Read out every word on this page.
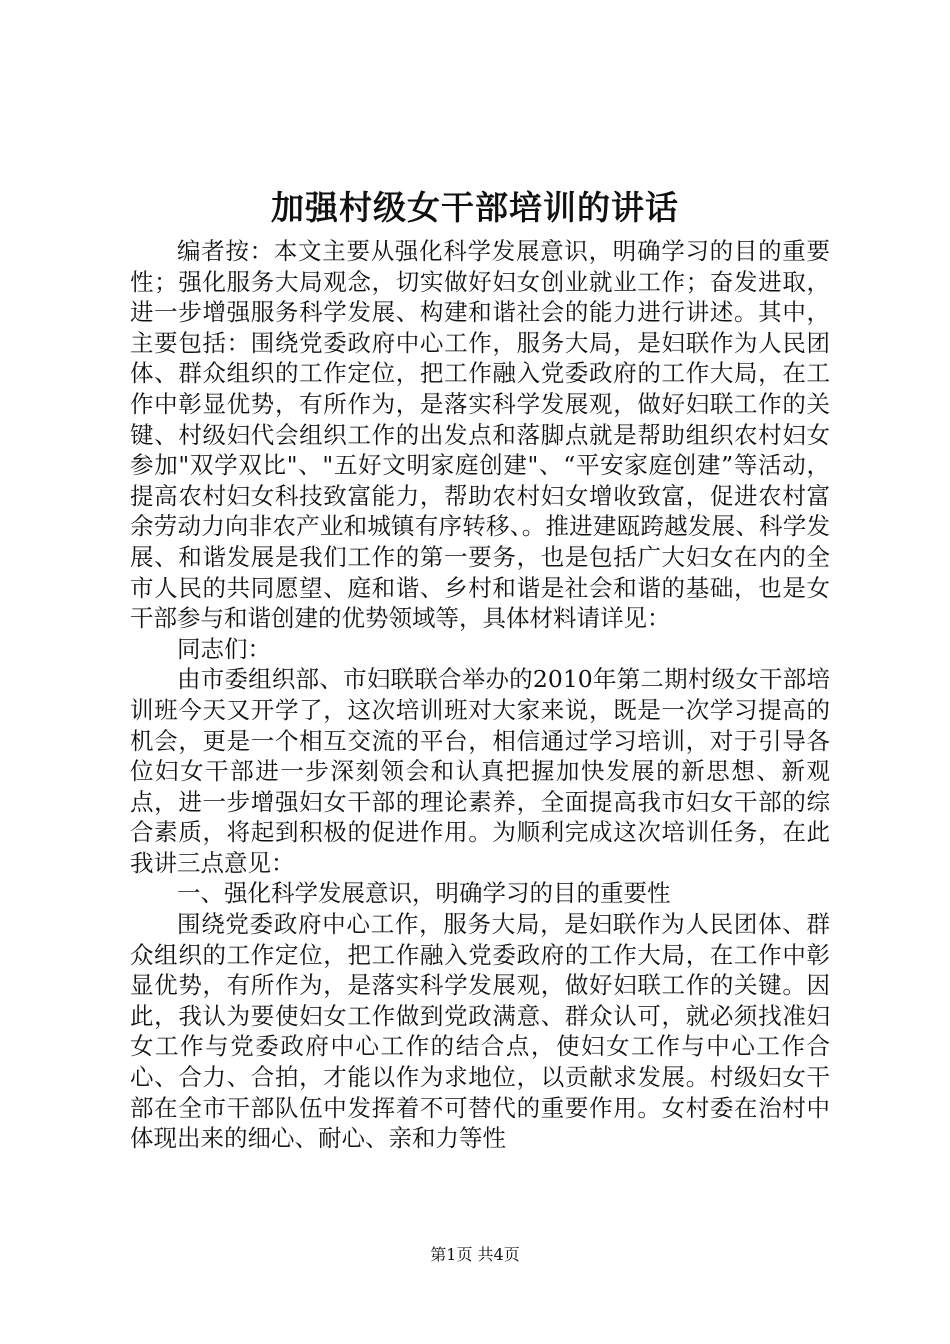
加强村级女干部培训的讲话

编者按：本文主要从强化科学发展意识，明确学习的目的重要性；强化服务大局观念，切实做好妇女创业就业工作；奋发进取，进一步增强服务科学发展、构建和谐社会的能力进行讲述。其中，主要包括：围绕党委政府中心工作，服务大局，是妇联作为人民团体、群众组织的工作定位，把工作融入党委政府的工作大局，在工作中彰显优势，有所作为，是落实科学发展观，做好妇联工作的关键、村级妇代会组织工作的出发点和落脚点就是帮助组织农村妇女参加"双学双比"、"五好文明家庭创建"、“平安家庭创建”等活动，提高农村妇女科技致富能力，帮助农村妇女增收致富，促进农村富余劳动力向非农产业和城镇有序转移、。推进建瓯跨越发展、科学发展、和谐发展是我们工作的第一要务，也是包括广大妇女在内的全市人民的共同愿望、庭和谐、乡村和谐是社会和谐的基础，也是女干部参与和谐创建的优势领域等，具体材料请详见：

同志们：

由市委组织部、市妇联联合举办的2010年第二期村级女干部培训班今天又开学了，这次培训班对大家来说，既是一次学习提高的机会，更是一个相互交流的平台，相信通过学习培训，对于引导各位妇女干部进一步深刻领会和认真把握加快发展的新思想、新观点，进一步增强妇女干部的理论素养，全面提高我市妇女干部的综合素质，将起到积极的促进作用。为顺利完成这次培训任务，在此我讲三点意见：

一、强化科学发展意识，明确学习的目的重要性

围绕党委政府中心工作，服务大局，是妇联作为人民团体、群众组织的工作定位，把工作融入党委政府的工作大局，在工作中彰显优势，有所作为，是落实科学发展观，做好妇联工作的关键。因此，我认为要使妇女工作做到党政满意、群众认可，就必须找准妇女工作与党委政府中心工作的结合点，使妇女工作与中心工作合心、合力、合拍，才能以作为求地位，以贡献求发展。村级妇女干部在全市干部队伍中发挥着不可替代的重要作用。女村委在治村中体现出来的细心、耐心、亲和力等性

第1页 共4页
